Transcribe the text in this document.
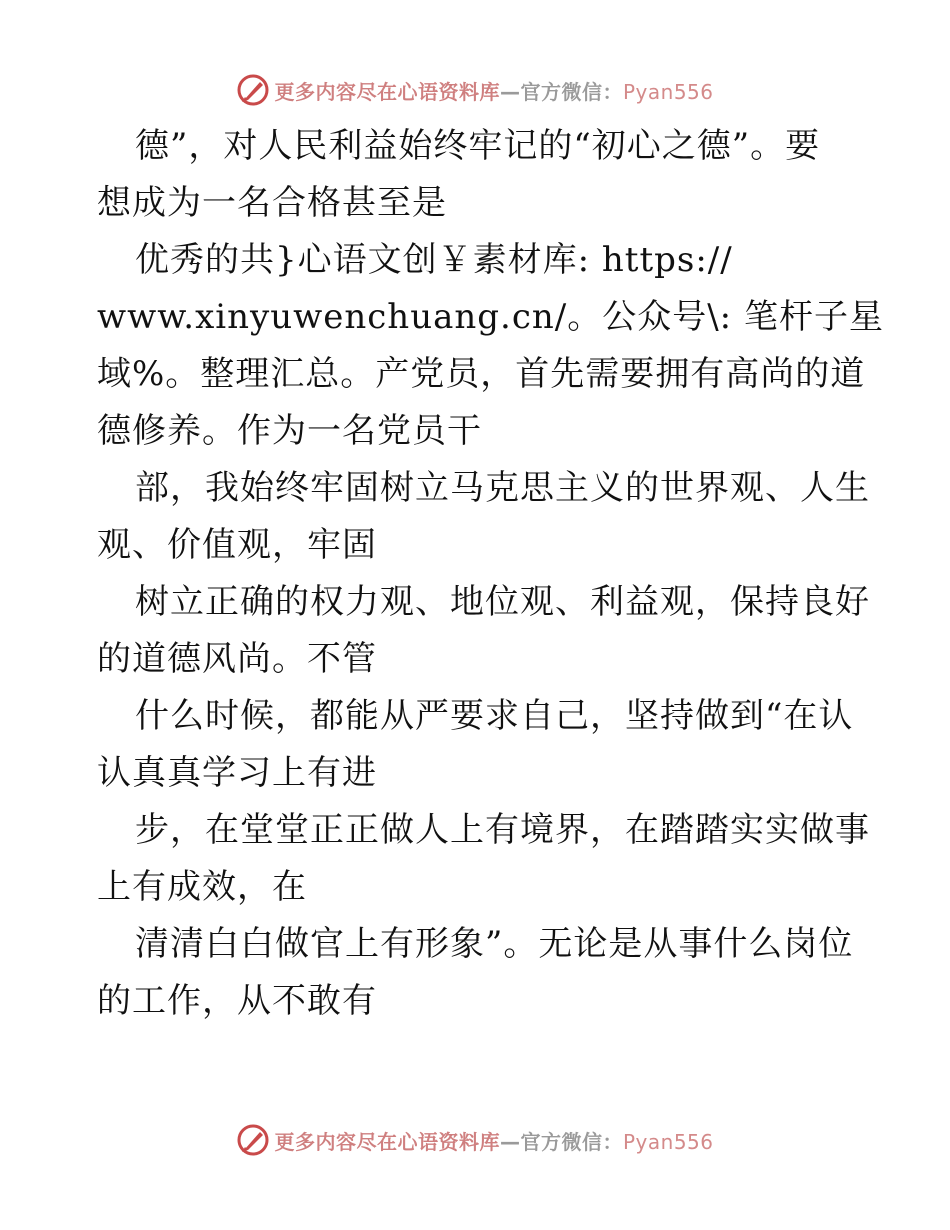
更多内容尽在心语资料库—官方微信：Pyan556
德”，对人民利益始终牢记的“初心之德”。要
想成为一名合格甚至是
优秀的共}心语文创￥素材库: https://
www.xinyuwenchuang.cn/。公众号\: 笔杆子星
域%。整理汇总。产党员，首先需要拥有高尚的道
德修养。作为一名党员干
部，我始终牢固树立马克思主义的世界观、人生
观、价值观，牢固
树立正确的权力观、地位观、利益观，保持良好
的道德风尚。不管
什么时候，都能从严要求自己，坚持做到“在认
认真真学习上有进
步，在堂堂正正做人上有境界，在踏踏实实做事
上有成效，在
清清白白做官上有形象”。无论是从事什么岗位
的工作，从不敢有
更多内容尽在心语资料库—官方微信：Pyan556
